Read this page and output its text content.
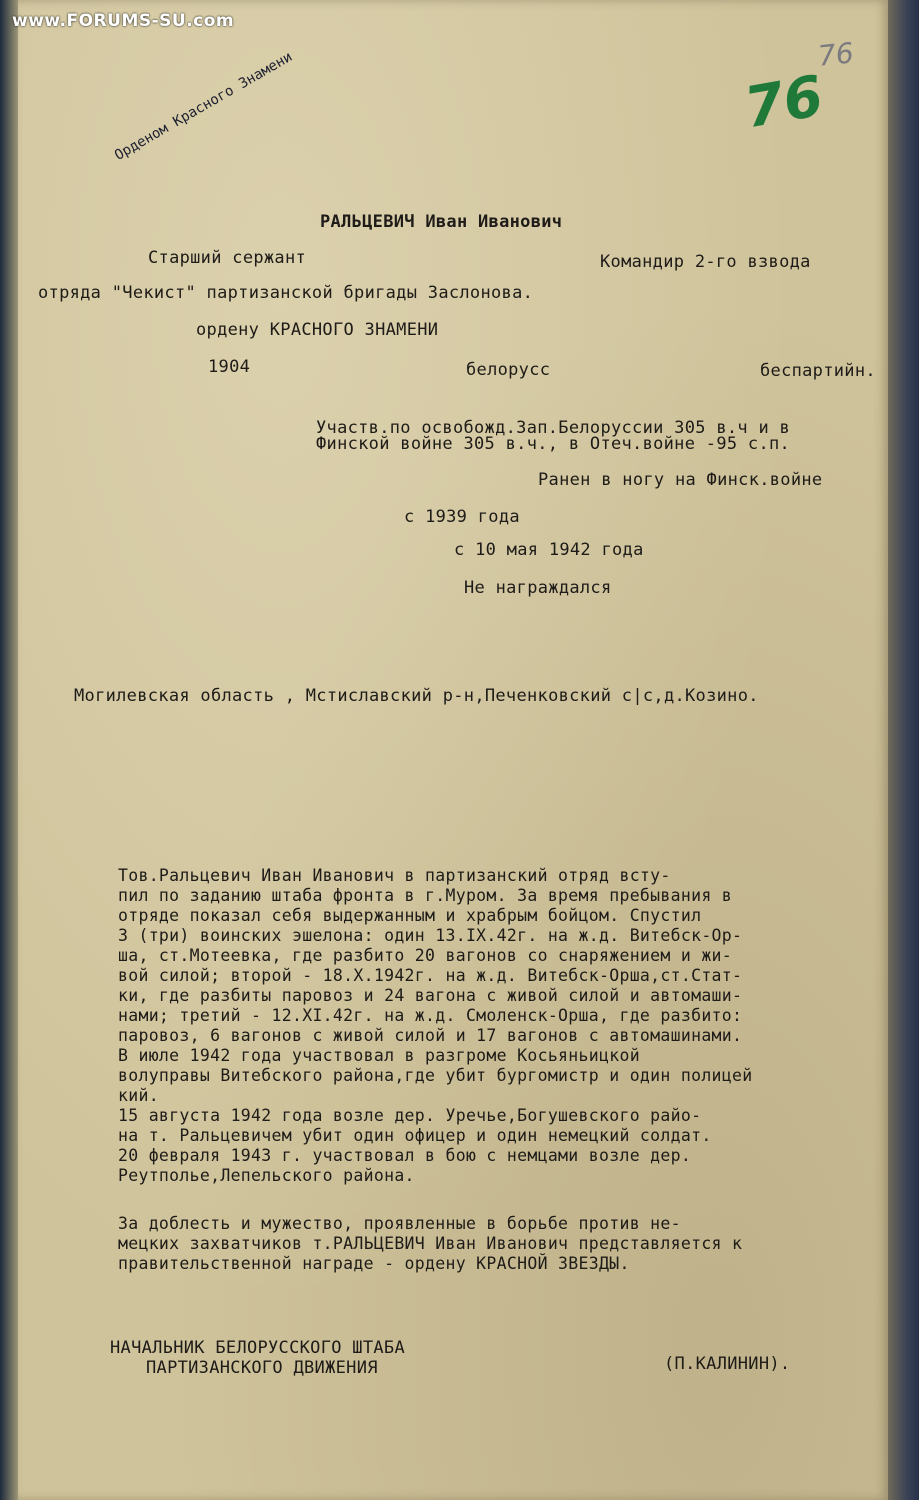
www.FORUMS-SU.com
76
76
Орденом Красного Знамени
РАЛЬЦЕВИЧ Иван Иванович
Старший сержант	Командир 2-го взвода
отряда "Чекист" партизанской бригады Заслонова.
ордену КРАСНОГО ЗНАМЕНИ
1904	белорусс	беспартийн.
Участв.по освобожд.Зап.Белоруссии 305 в.ч и в
Финской войне 305 в.ч., в Отеч.войне -95 с.п.
Ранен в ногу на Финск.войне
с 1939 года
с 10 мая 1942 года
Не награждался
Могилевская область , Мстиславский р-н,Печенковский с|с,д.Козино.
Тов.Ральцевич Иван Иванович в партизанский отряд всту-
пил по заданию штаба фронта в г.Муром. За время пребывания в
отряде показал себя выдержанным и храбрым бойцом. Спустил
3 (три) воинских эшелона: один 13.IX.42г. на ж.д. Витебск-Ор-
ша, ст.Мотеевка, где разбито 20 вагонов со снаряжением и жи-
вой силой; второй - 18.X.1942г. на ж.д. Витебск-Орша,ст.Стат-
ки, где разбиты паровоз и 24 вагона с живой силой и автомаши-
нами; третий - 12.XI.42г. на ж.д. Смоленск-Орша, где разбито:
паровоз, 6 вагонов с живой силой и 17 вагонов с автомашинами.
В июле 1942 года участвовал в разгроме Косьяньицкой
волуправы Витебского района,где убит бургомистр и один полицей
кий.
15 августа 1942 года возле дер. Уречье,Богушевского райо-
на т. Ральцевичем убит один офицер и один немецкий солдат.
20 февраля 1943 г. участвовал в бою с немцами возле дер.
Реутполье,Лепельского района.
За доблесть и мужество, проявленные в борьбе против не-
мецких захватчиков т.РАЛЬЦЕВИЧ Иван Иванович представляется к
правительственной награде - ордену КРАСНОЙ ЗВЕЗДЫ.
НАЧАЛЬНИК БЕЛОРУССКОГО ШТАБА
ПАРТИЗАНСКОГО ДВИЖЕНИЯ	(П.КАЛИНИН).
